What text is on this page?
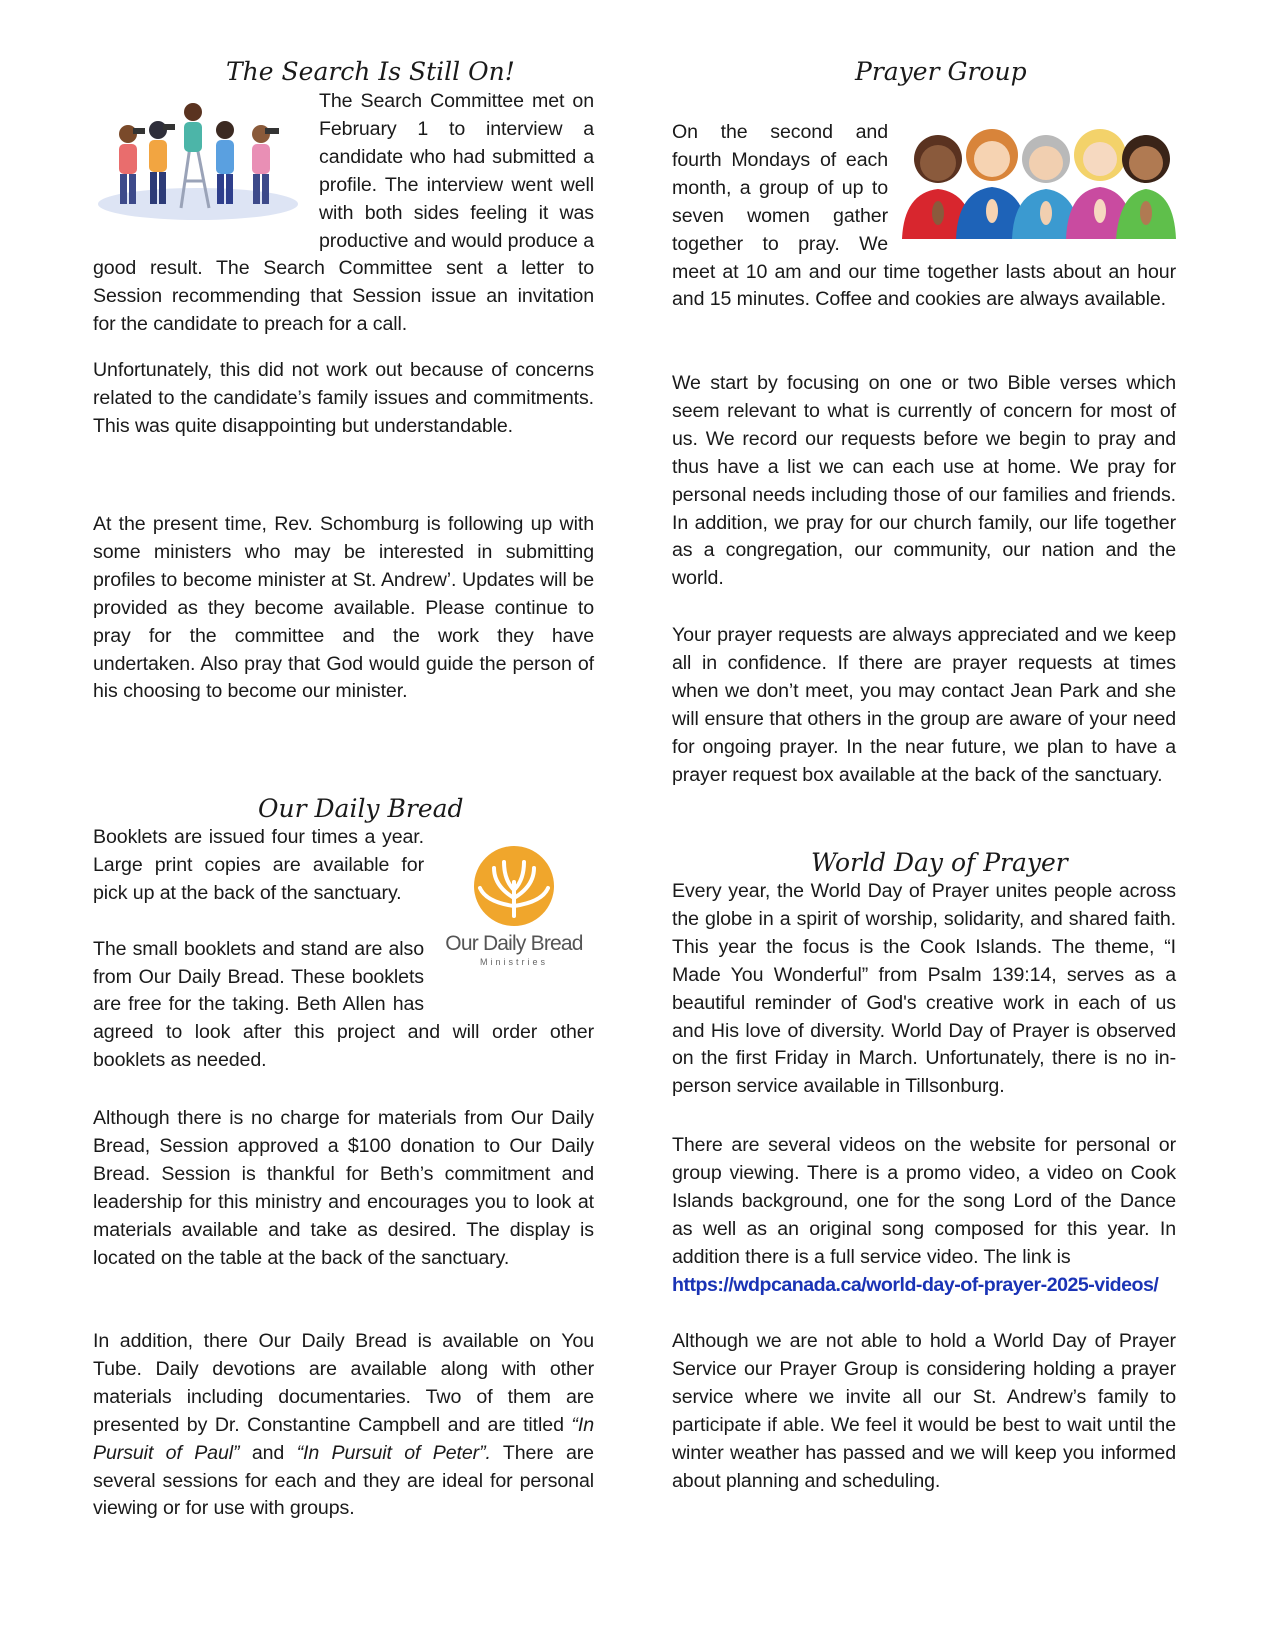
The Search Is Still On!
The Search Committee met on February 1 to interview a candidate who had submitted a profile. The interview went well with both sides feeling it was productive and would produce a good result. The Search Committee sent a letter to Session recommending that Session issue an invitation for the candidate to preach for a call.

Unfortunately, this did not work out because of concerns related to the candidate’s family issues and commitments. This was quite disappointing but understandable.

At the present time, Rev. Schomburg is following up with some ministers who may be interested in submitting profiles to become minister at St. Andrew’. Updates will be provided as they become available. Please continue to pray for the committee and the work they have undertaken. Also pray that God would guide the person of his choosing to become our minister.

Our Daily Bread
Our Daily Bread
Ministries
Booklets are issued four times a year. Large print copies are available for pick up at the back of the sanctuary.
The small booklets and stand are also from Our Daily Bread. These booklets are free for the taking. Beth Allen has agreed to look after this project and will order other booklets as needed.

Although there is no charge for materials from Our Daily Bread, Session approved a $100 donation to Our Daily Bread. Session is thankful for Beth’s commitment and leadership for this ministry and encourages you to look at materials available and take as desired. The display is located on the table at the back of the sanctuary.

In addition, there Our Daily Bread is available on You Tube. Daily devotions are available along with other materials including documentaries. Two of them are presented by Dr. Constantine Campbell and are titled “In Pursuit of Paul” and “In Pursuit of Peter”. There are several sessions for each and they are ideal for personal viewing or for use with groups.

Prayer Group
On the second and fourth Mondays of each month, a group of up to seven women gather together to pray. We meet at 10 am and our time together lasts about an hour and 15 minutes. Coffee and cookies are always available.

We start by focusing on one or two Bible verses which seem relevant to what is currently of concern for most of us. We record our requests before we begin to pray and thus have a list we can each use at home. We pray for personal needs including those of our families and friends. In addition, we pray for our church family, our life together as a congregation, our community, our nation and the world.

Your prayer requests are always appreciated and we keep all in confidence. If there are prayer requests at times when we don’t meet, you may contact Jean Park and she will ensure that others in the group are aware of your need for ongoing prayer. In the near future, we plan to have a prayer request box available at the back of the sanctuary.

World Day of Prayer

Every year, the World Day of Prayer unites people across the globe in a spirit of worship, solidarity, and shared faith. This year the focus is the Cook Islands. The theme, “I Made You Wonderful” from Psalm 139:14, serves as a beautiful reminder of God's creative work in each of us and His love of diversity. World Day of Prayer is observed on the first Friday in March. Unfortunately, there is no in-person service available in Tillsonburg.

There are several videos on the website for personal or group viewing. There is a promo video, a video on Cook Islands background, one for the song Lord of the Dance as well as an original song composed for this year. In addition there is a full service video. The link is
https://wdpcanada.ca/world-day-of-prayer-2025-videos/

Although we are not able to hold a World Day of Prayer Service our Prayer Group is considering holding a prayer service where we invite all our St. Andrew’s family to participate if able. We feel it would be best to wait until the winter weather has passed and we will keep you informed about planning and scheduling.
